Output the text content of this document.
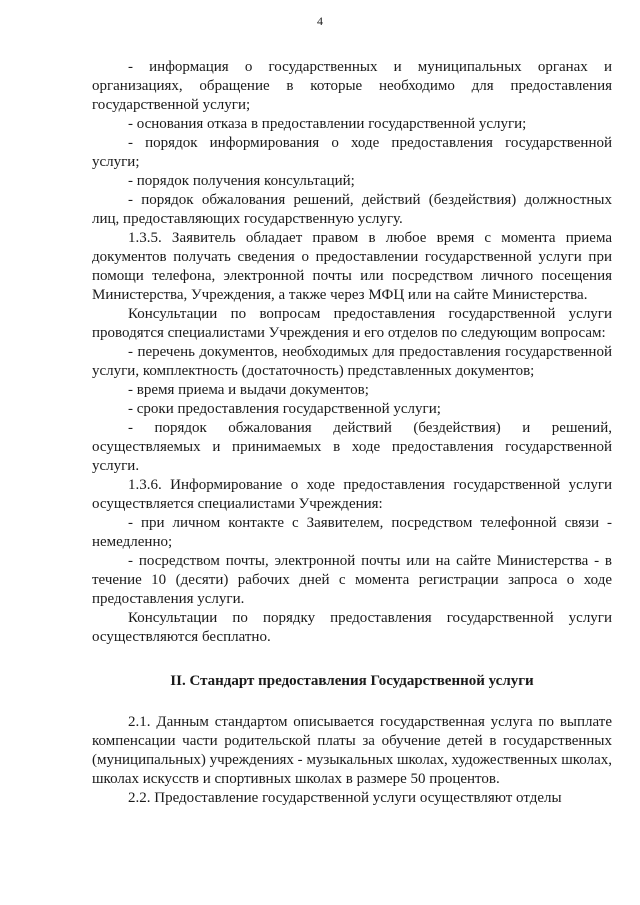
4

- информация о государственных и муниципальных органах и организациях, обращение в которые необходимо для предоставления государственной услуги;

- основания отказа в предоставлении государственной услуги;

- порядок информирования о ходе предоставления государственной услуги;

- порядок получения консультаций;

- порядок обжалования решений, действий (бездействия) должностных лиц, предоставляющих государственную услугу.

1.3.5. Заявитель обладает правом в любое время с момента приема документов получать сведения о предоставлении государственной услуги при помощи телефона, электронной почты или посредством личного посещения Министерства, Учреждения, а также через МФЦ или на сайте Министерства.

Консультации по вопросам предоставления государственной услуги проводятся специалистами Учреждения и его отделов по следующим вопросам:

- перечень документов, необходимых для предоставления государственной услуги, комплектность (достаточность) представленных документов;

- время приема и выдачи документов;

- сроки предоставления государственной услуги;

- порядок обжалования действий (бездействия) и решений, осуществляемых и принимаемых в ходе предоставления государственной услуги.

1.3.6. Информирование о ходе предоставления государственной услуги осуществляется специалистами Учреждения:

- при личном контакте с Заявителем, посредством телефонной связи - немедленно;

- посредством почты, электронной почты или на сайте Министерства - в течение 10 (десяти) рабочих дней с момента регистрации запроса о ходе предоставления услуги.

Консультации по порядку предоставления государственной услуги осуществляются бесплатно.

II. Стандарт предоставления Государственной услуги

2.1. Данным стандартом описывается государственная услуга по выплате компенсации части родительской платы за обучение детей в государственных (муниципальных) учреждениях - музыкальных школах, художественных школах, школах искусств и спортивных школах в размере 50 процентов.

2.2. Предоставление государственной услуги осуществляют отделы
